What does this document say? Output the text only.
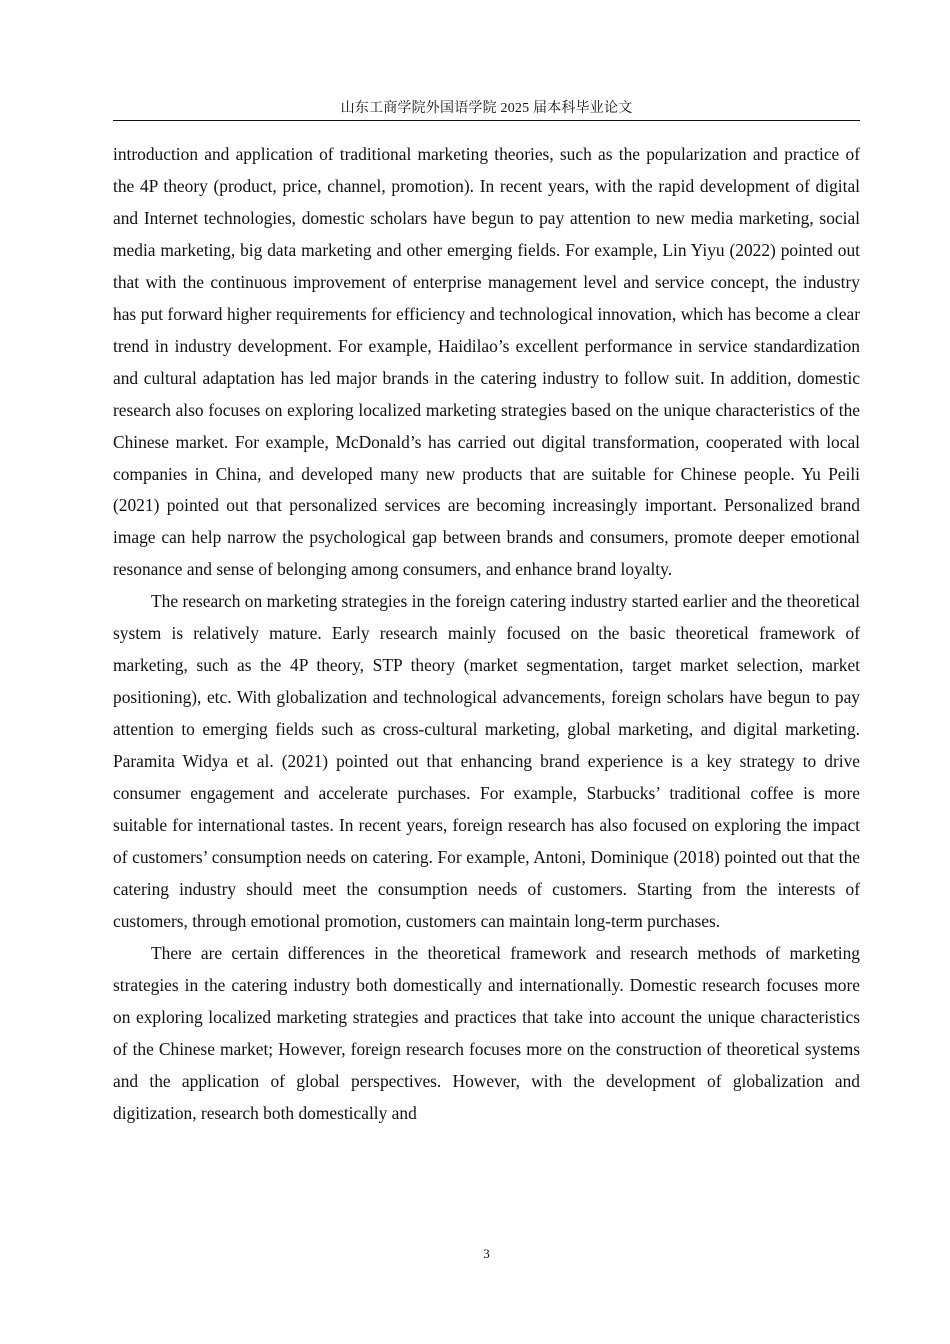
山东工商学院外国语学院 2025 届本科毕业论文

introduction and application of traditional marketing theories, such as the popularization and practice of the 4P theory (product, price, channel, promotion). In recent years, with the rapid development of digital and Internet technologies, domestic scholars have begun to pay attention to new media marketing, social media marketing, big data marketing and other emerging fields. For example, Lin Yiyu (2022) pointed out that with the continuous improvement of enterprise management level and service concept, the industry has put forward higher requirements for efficiency and technological innovation, which has become a clear trend in industry development. For example, Haidilao’s excellent performance in service standardization and cultural adaptation has led major brands in the catering industry to follow suit. In addition, domestic research also focuses on exploring localized marketing strategies based on the unique characteristics of the Chinese market. For example, McDonald’s has carried out digital transformation, cooperated with local companies in China, and developed many new products that are suitable for Chinese people. Yu Peili (2021) pointed out that personalized services are becoming increasingly important. Personalized brand image can help narrow the psychological gap between brands and consumers, promote deeper emotional resonance and sense of belonging among consumers, and enhance brand loyalty.

The research on marketing strategies in the foreign catering industry started earlier and the theoretical system is relatively mature. Early research mainly focused on the basic theoretical framework of marketing, such as the 4P theory, STP theory (market segmentation, target market selection, market positioning), etc. With globalization and technological advancements, foreign scholars have begun to pay attention to emerging fields such as cross-cultural marketing, global marketing, and digital marketing. Paramita Widya et al. (2021) pointed out that enhancing brand experience is a key strategy to drive consumer engagement and accelerate purchases. For example, Starbucks’ traditional coffee is more suitable for international tastes. In recent years, foreign research has also focused on exploring the impact of customers’ consumption needs on catering. For example, Antoni, Dominique (2018) pointed out that the catering industry should meet the consumption needs of customers. Starting from the interests of customers, through emotional promotion, customers can maintain long-term purchases.

There are certain differences in the theoretical framework and research methods of marketing strategies in the catering industry both domestically and internationally. Domestic research focuses more on exploring localized marketing strategies and practices that take into account the unique characteristics of the Chinese market; However, foreign research focuses more on the construction of theoretical systems and the application of global perspectives. However, with the development of globalization and digitization, research both domestically and

3
